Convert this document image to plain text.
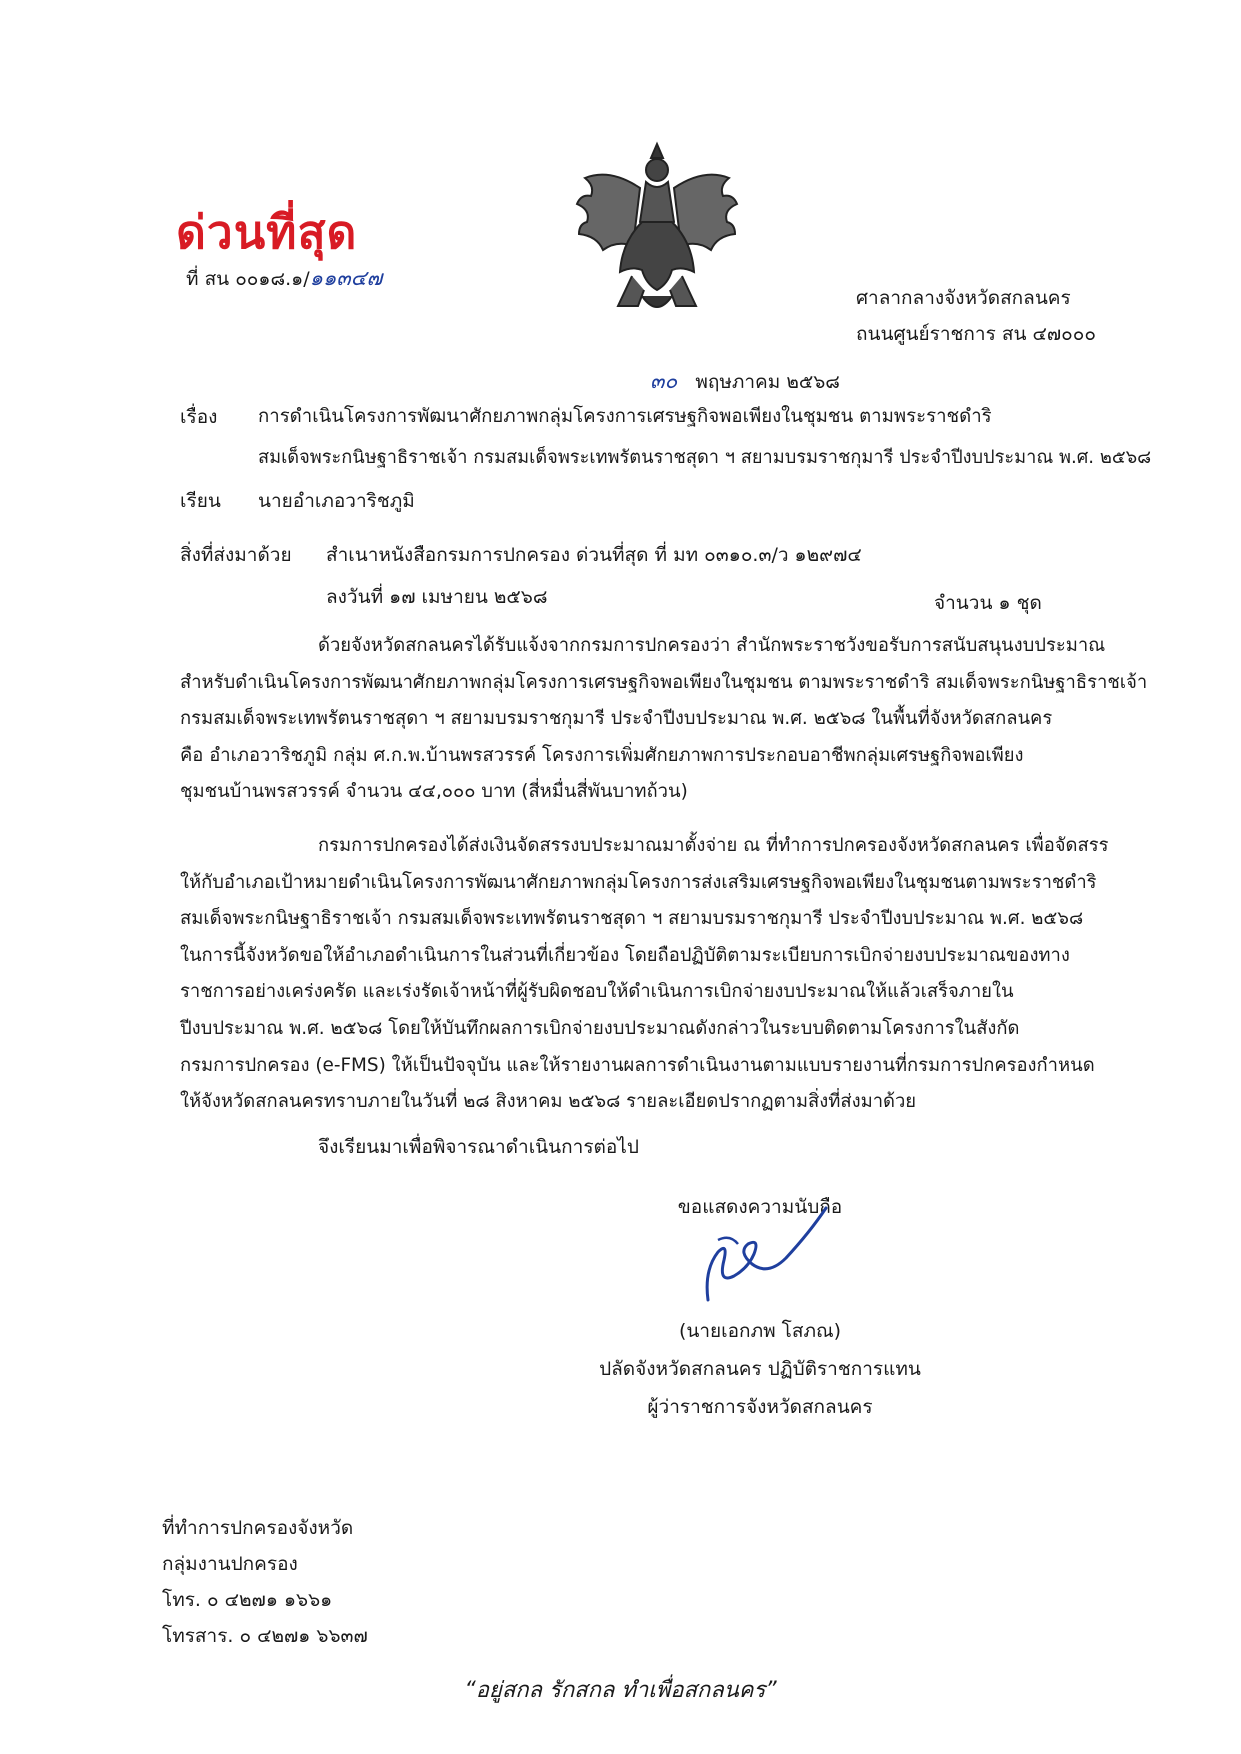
ด่วนที่สุด
ที่ สน ๐๐๑๘.๑/๑๑๓๔๗
ศาลากลางจังหวัดสกลนคร
ถนนศูนย์ราชการ สน ๔๗๐๐๐
๓๐ พฤษภาคม ๒๕๖๘
เรื่อง การดำเนินโครงการพัฒนาศักยภาพกลุ่มโครงการเศรษฐกิจพอเพียงในชุมชน ตามพระราชดำริ
สมเด็จพระกนิษฐาธิราชเจ้า กรมสมเด็จพระเทพรัตนราชสุดา ฯ สยามบรมราชกุมารี ประจำปีงบประมาณ พ.ศ. ๒๕๖๘
เรียน นายอำเภอวาริชภูมิ
สิ่งที่ส่งมาด้วย สำเนาหนังสือกรมการปกครอง ด่วนที่สุด ที่ มท ๐๓๑๐.๓/ว ๑๒๙๗๔
ลงวันที่ ๑๗ เมษายน ๒๕๖๘	จำนวน ๑ ชุด
ด้วยจังหวัดสกลนครได้รับแจ้งจากกรมการปกครองว่า สำนักพระราชวังขอรับการสนับสนุนงบประมาณ
สำหรับดำเนินโครงการพัฒนาศักยภาพกลุ่มโครงการเศรษฐกิจพอเพียงในชุมชน ตามพระราชดำริ สมเด็จพระกนิษฐาธิราชเจ้า
กรมสมเด็จพระเทพรัตนราชสุดา ฯ สยามบรมราชกุมารี ประจำปีงบประมาณ พ.ศ. ๒๕๖๘ ในพื้นที่จังหวัดสกลนคร
คือ อำเภอวาริชภูมิ กลุ่ม ศ.ก.พ.บ้านพรสวรรค์ โครงการเพิ่มศักยภาพการประกอบอาชีพกลุ่มเศรษฐกิจพอเพียง
ชุมชนบ้านพรสวรรค์ จำนวน ๔๔,๐๐๐ บาท (สี่หมื่นสี่พันบาทถ้วน)
กรมการปกครองได้ส่งเงินจัดสรรงบประมาณมาตั้งจ่าย ณ ที่ทำการปกครองจังหวัดสกลนคร เพื่อจัดสรร
ให้กับอำเภอเป้าหมายดำเนินโครงการพัฒนาศักยภาพกลุ่มโครงการส่งเสริมเศรษฐกิจพอเพียงในชุมชนตามพระราชดำริ
สมเด็จพระกนิษฐาธิราชเจ้า กรมสมเด็จพระเทพรัตนราชสุดา ฯ สยามบรมราชกุมารี ประจำปีงบประมาณ พ.ศ. ๒๕๖๘
ในการนี้จังหวัดขอให้อำเภอดำเนินการในส่วนที่เกี่ยวข้อง โดยถือปฏิบัติตามระเบียบการเบิกจ่ายงบประมาณของทาง
ราชการอย่างเคร่งครัด และเร่งรัดเจ้าหน้าที่ผู้รับผิดชอบให้ดำเนินการเบิกจ่ายงบประมาณให้แล้วเสร็จภายใน
ปีงบประมาณ พ.ศ. ๒๕๖๘ โดยให้บันทึกผลการเบิกจ่ายงบประมาณดังกล่าวในระบบติดตามโครงการในสังกัด
กรมการปกครอง (e-FMS) ให้เป็นปัจจุบัน และให้รายงานผลการดำเนินงานตามแบบรายงานที่กรมการปกครองกำหนด
ให้จังหวัดสกลนครทราบภายในวันที่ ๒๘ สิงหาคม ๒๕๖๘ รายละเอียดปรากฏตามสิ่งที่ส่งมาด้วย
จึงเรียนมาเพื่อพิจารณาดำเนินการต่อไป
ขอแสดงความนับถือ
(นายเอกภพ โสภณ)
ปลัดจังหวัดสกลนคร ปฏิบัติราชการแทน
ผู้ว่าราชการจังหวัดสกลนคร
ที่ทำการปกครองจังหวัด
กลุ่มงานปกครอง
โทร. ๐ ๔๒๗๑ ๑๖๖๑
โทรสาร. ๐ ๔๒๗๑ ๖๖๓๗
“อยู่สกล รักสกล ทำเพื่อสกลนคร”
